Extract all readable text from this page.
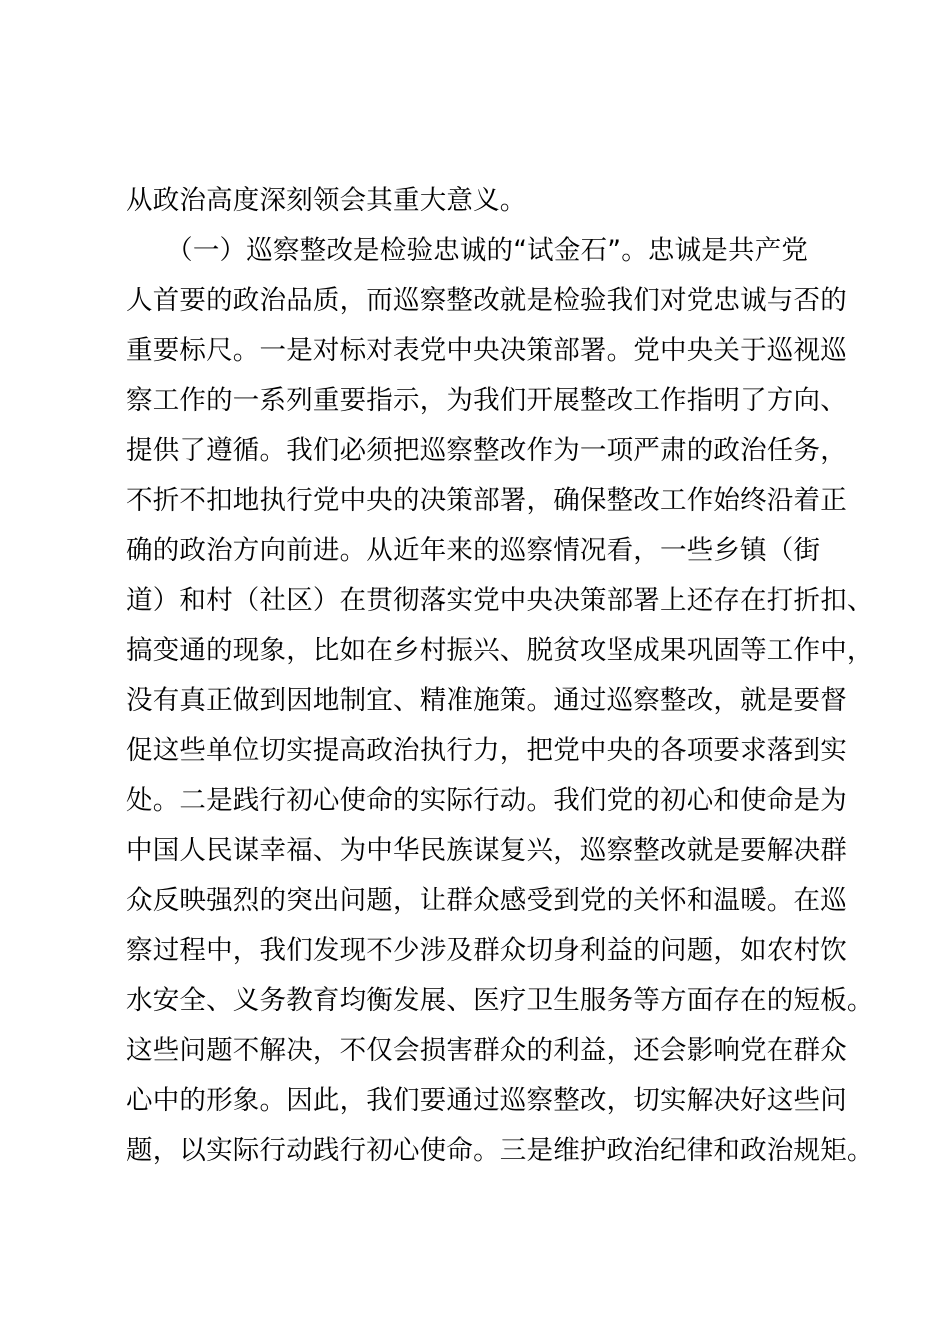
从政治高度深刻领会其重大意义。
　　（一）巡察整改是检验忠诚的“试金石”。忠诚是共产党
人首要的政治品质，而巡察整改就是检验我们对党忠诚与否的
重要标尺。一是对标对表党中央决策部署。党中央关于巡视巡
察工作的一系列重要指示，为我们开展整改工作指明了方向、
提供了遵循。我们必须把巡察整改作为一项严肃的政治任务，
不折不扣地执行党中央的决策部署，确保整改工作始终沿着正
确的政治方向前进。从近年来的巡察情况看，一些乡镇（街
道）和村（社区）在贯彻落实党中央决策部署上还存在打折扣、
搞变通的现象，比如在乡村振兴、脱贫攻坚成果巩固等工作中，
没有真正做到因地制宜、精准施策。通过巡察整改，就是要督
促这些单位切实提高政治执行力，把党中央的各项要求落到实
处。二是践行初心使命的实际行动。我们党的初心和使命是为
中国人民谋幸福、为中华民族谋复兴，巡察整改就是要解决群
众反映强烈的突出问题，让群众感受到党的关怀和温暖。在巡
察过程中，我们发现不少涉及群众切身利益的问题，如农村饮
水安全、义务教育均衡发展、医疗卫生服务等方面存在的短板。
这些问题不解决，不仅会损害群众的利益，还会影响党在群众
心中的形象。因此，我们要通过巡察整改，切实解决好这些问
题，以实际行动践行初心使命。三是维护政治纪律和政治规矩。
